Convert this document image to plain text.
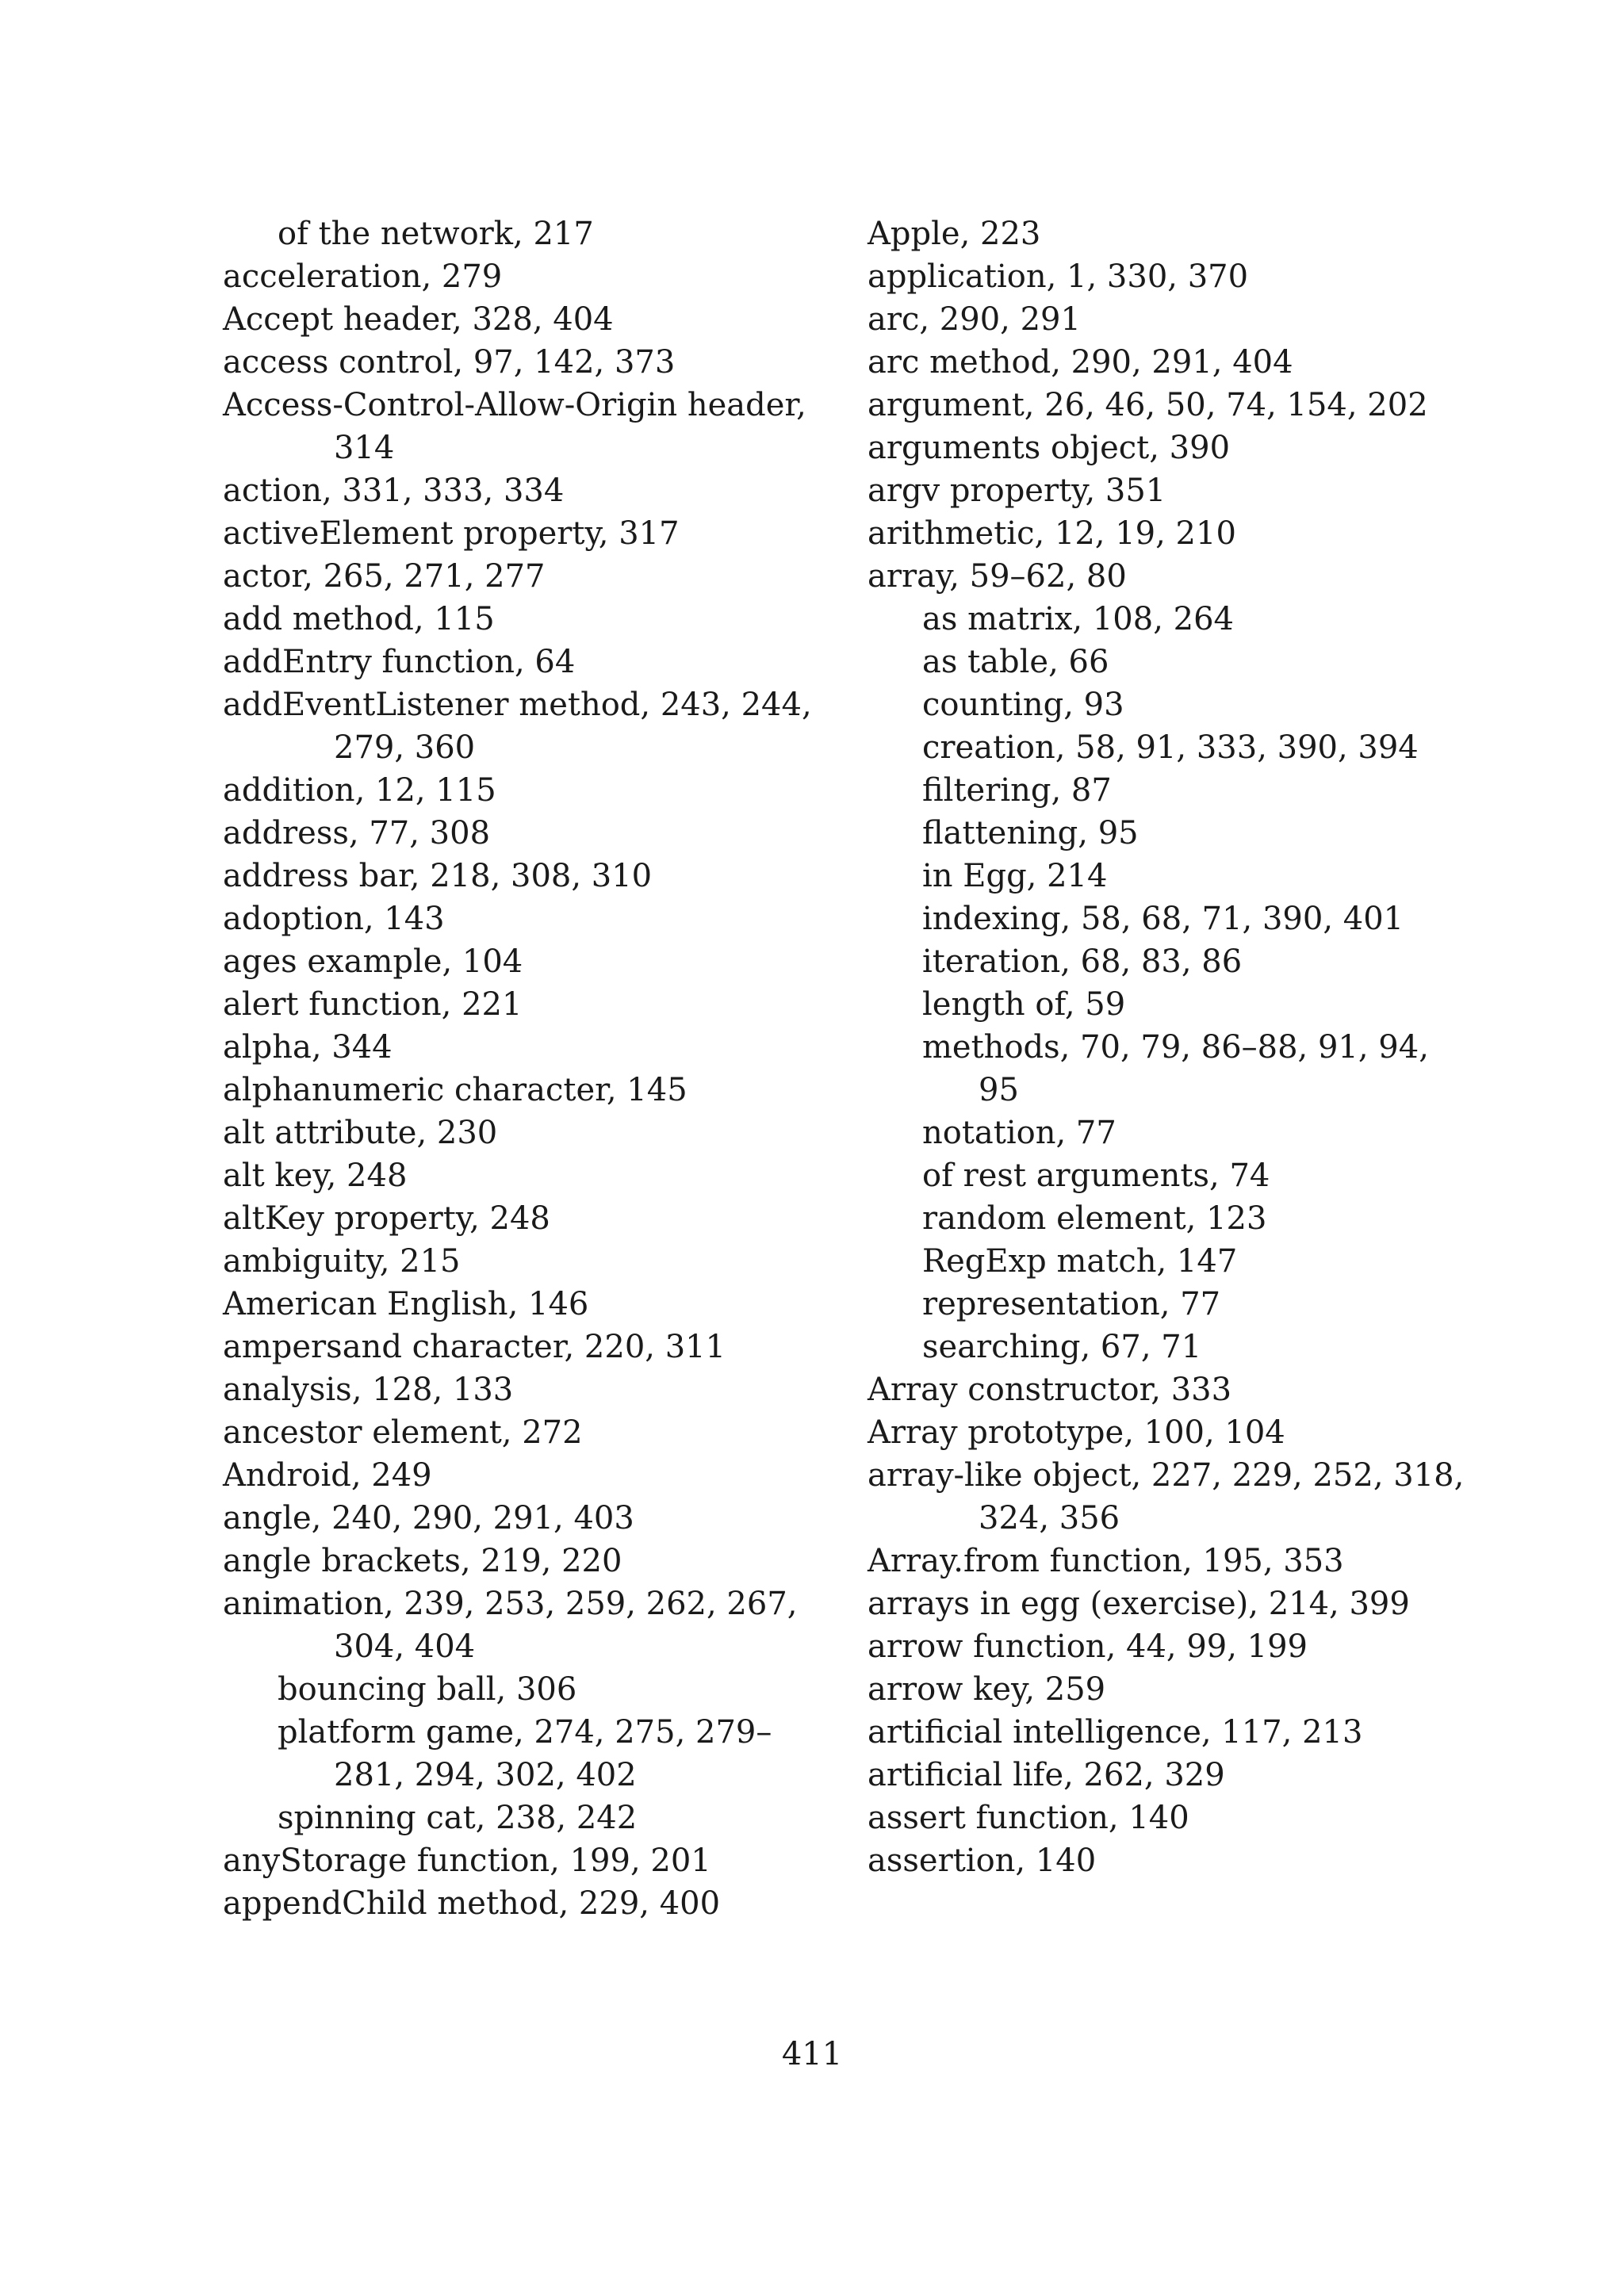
of the network, 217
acceleration, 279
Accept header, 328, 404
access control, 97, 142, 373
Access-Control-Allow-Origin header,
314
action, 331, 333, 334
activeElement property, 317
actor, 265, 271, 277
add method, 115
addEntry function, 64
addEventListener method, 243, 244,
279, 360
addition, 12, 115
address, 77, 308
address bar, 218, 308, 310
adoption, 143
ages example, 104
alert function, 221
alpha, 344
alphanumeric character, 145
alt attribute, 230
alt key, 248
altKey property, 248
ambiguity, 215
American English, 146
ampersand character, 220, 311
analysis, 128, 133
ancestor element, 272
Android, 249
angle, 240, 290, 291, 403
angle brackets, 219, 220
animation, 239, 253, 259, 262, 267,
304, 404
bouncing ball, 306
platform game, 274, 275, 279–
281, 294, 302, 402
spinning cat, 238, 242
anyStorage function, 199, 201
appendChild method, 229, 400
Apple, 223
application, 1, 330, 370
arc, 290, 291
arc method, 290, 291, 404
argument, 26, 46, 50, 74, 154, 202
arguments object, 390
argv property, 351
arithmetic, 12, 19, 210
array, 59–62, 80
as matrix, 108, 264
as table, 66
counting, 93
creation, 58, 91, 333, 390, 394
filtering, 87
flattening, 95
in Egg, 214
indexing, 58, 68, 71, 390, 401
iteration, 68, 83, 86
length of, 59
methods, 70, 79, 86–88, 91, 94,
95
notation, 77
of rest arguments, 74
random element, 123
RegExp match, 147
representation, 77
searching, 67, 71
Array constructor, 333
Array prototype, 100, 104
array-like object, 227, 229, 252, 318,
324, 356
Array.from function, 195, 353
arrays in egg (exercise), 214, 399
arrow function, 44, 99, 199
arrow key, 259
artificial intelligence, 117, 213
artificial life, 262, 329
assert function, 140
assertion, 140
411
